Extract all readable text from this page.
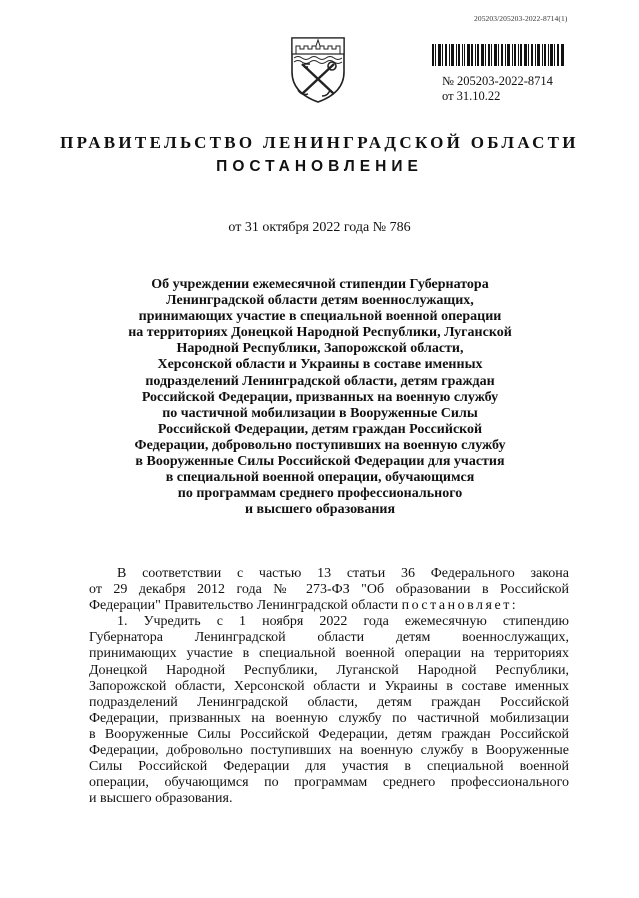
205203/205203-2022-8714(1)
№ 205203-2022-8714
от 31.10.22
ПРАВИТЕЛЬСТВО ЛЕНИНГРАДСКОЙ ОБЛАСТИ
ПОСТАНОВЛЕНИЕ
от 31 октября 2022 года № 786
Об учреждении ежемесячной стипендии Губернатора
Ленинградской области детям военнослужащих,
принимающих участие в специальной военной операции
на территориях Донецкой Народной Республики, Луганской
Народной Республики, Запорожской области,
Херсонской области и Украины в составе именных
подразделений Ленинградской области, детям граждан
Российской Федерации, призванных на военную службу
по частичной мобилизации в Вооруженные Силы
Российской Федерации, детям граждан Российской
Федерации, добровольно поступивших на военную службу
в Вооруженные Силы Российской Федерации для участия
в специальной военной операции, обучающимся
по программам среднего профессионального
и высшего образования
В соответствии с частью 13 статьи 36 Федерального закона
от 29 декабря 2012 года № 273-ФЗ "Об образовании в Российской
Федерации" Правительство Ленинградской области постановляет:
1. Учредить с 1 ноября 2022 года ежемесячную стипендию
Губернатора Ленинградской области детям военнослужащих,
принимающих участие в специальной военной операции на территориях
Донецкой Народной Республики, Луганской Народной Республики,
Запорожской области, Херсонской области и Украины в составе именных
подразделений Ленинградской области, детям граждан Российской
Федерации, призванных на военную службу по частичной мобилизации
в Вооруженные Силы Российской Федерации, детям граждан Российской
Федерации, добровольно поступивших на военную службу в Вооруженные
Силы Российской Федерации для участия в специальной военной
операции, обучающимся по программам среднего профессионального
и высшего образования.
